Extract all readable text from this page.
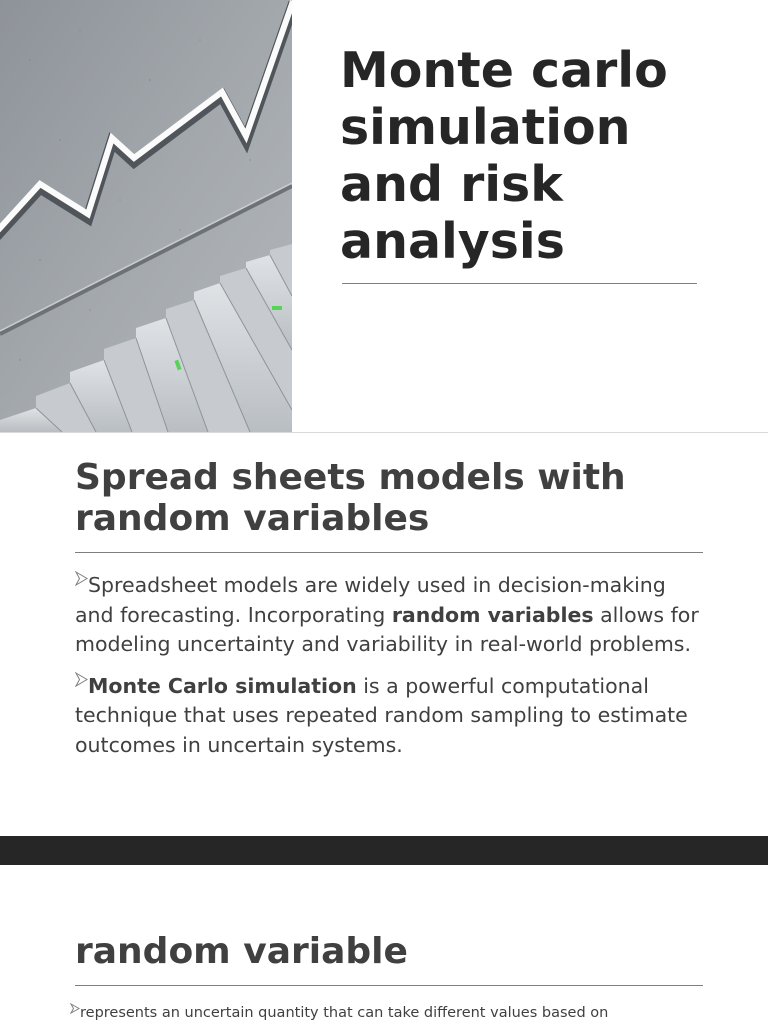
Monte carlo
simulation
and risk
analysis
Spread sheets models with random variables
Spreadsheet models are widely used in decision-making and forecasting. Incorporating random variables allows for modeling uncertainty and variability in real-world problems.
Monte Carlo simulation is a powerful computational technique that uses repeated random sampling to estimate outcomes in uncertain systems.
random variable
represents an uncertain quantity that can take different values based on
